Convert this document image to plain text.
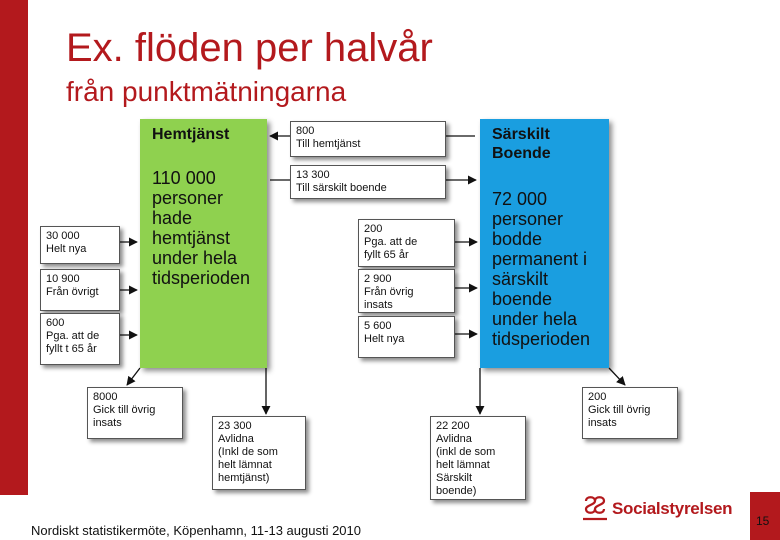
Ex. flöden per halvår
från punktmätningarna
Hemtjänst
110 000
personer
hade
hemtjänst
under hela
tidsperioden
Särskilt
Boende
72 000
personer
bodde
permanent i
särskilt
boende
under hela
tidsperioden
800
Till hemtjänst
13 300
Till särskilt boende
30 000
Helt nya
10 900
Från övrigt
600
Pga. att de
fyllt t 65 år
200
Pga. att de
fyllt 65 år
2 900
Från övrig
insats
5 600
Helt nya
8000
Gick till övrig
insats	23 300
Avlidna
(Inkl de som
helt lämnat
hemtjänst)
22 200
Avlidna
(inkl de som
helt lämnat
Särskilt
boende)
200
Gick till övrig
insats
Nordiskt statistikermöte, Köpenhamn, 11-13 augusti 2010
Socialstyrelsen
15
